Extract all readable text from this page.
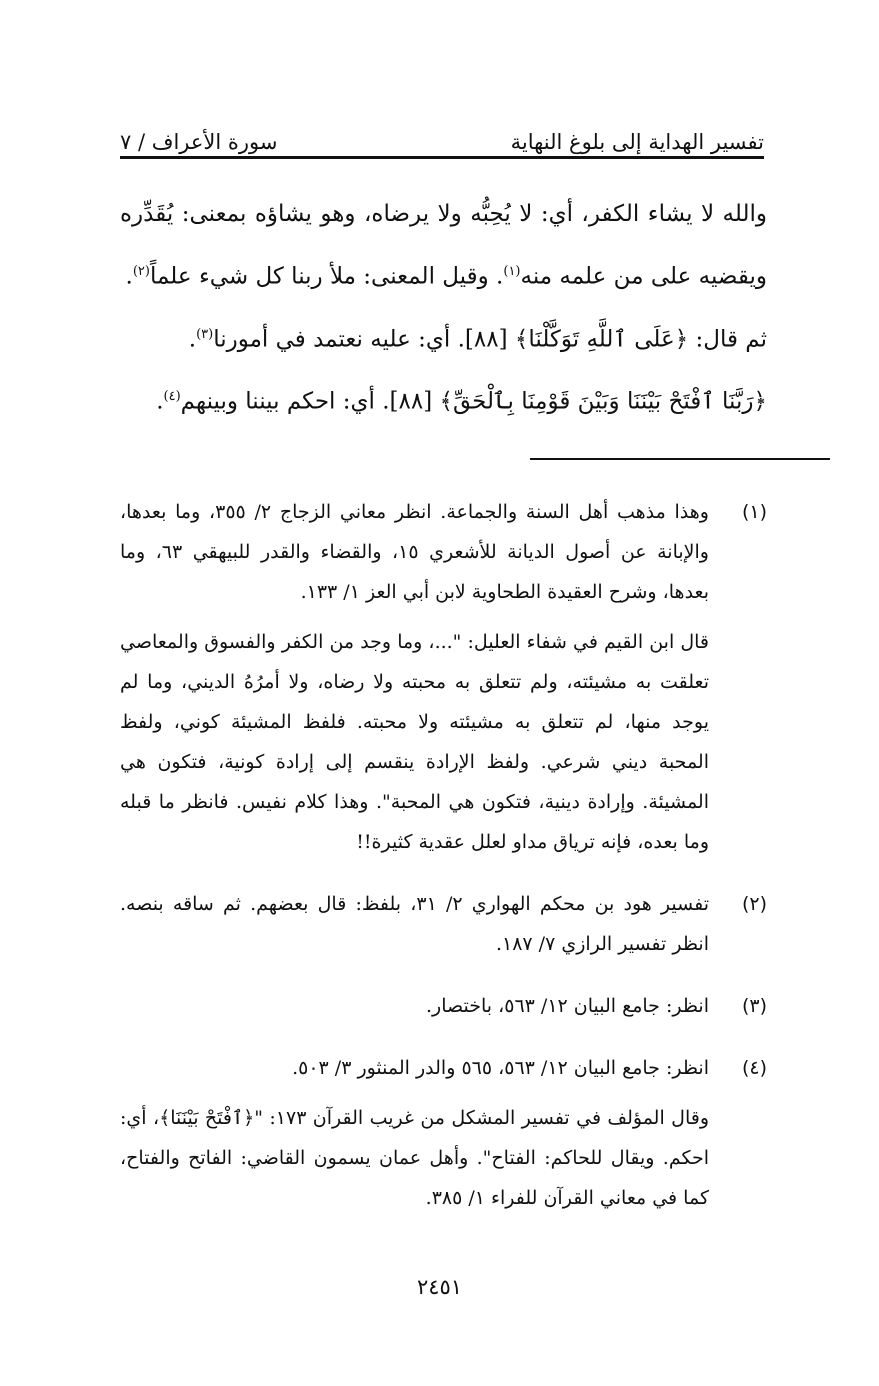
تفسير الهداية إلى بلوغ النهاية
سورة الأعراف / ٧

والله لا يشاء الكفر، أي: لا يُحِبُّه ولا يرضاه، وهو يشاؤه بمعنى: يُقَدِّره ويقضيه على من علمه منه$^{(١)}$. وقيل المعنى: ملأ ربنا كل شيء علماً$^{(٢)}$.

ثم قال: ﴿عَلَى ٱللَّهِ تَوَكَّلْنَا﴾ [٨٨]. أي: عليه نعتمد في أمورنا$^{(٣)}$.

﴿رَبَّنَا ٱفْتَحْ بَيْنَنَا وَبَيْنَ قَوْمِنَا بِٱلْحَقِّ﴾ [٨٨]. أي: احكم بيننا وبينهم$^{(٤)}$.

(١)

وهذا مذهب أهل السنة والجماعة. انظر معاني الزجاج ٢/ ٣٥٥، وما بعدها، والإبانة عن أصول الديانة للأشعري ١٥، والقضاء والقدر للبيهقي ٦٣، وما بعدها، وشرح العقيدة الطحاوية لابن أبي العز ١/ ١٣٣.

قال ابن القيم في شفاء العليل: "...، وما وجد من الكفر والفسوق والمعاصي تعلقت به مشيئته، ولم تتعلق به محبته ولا رضاه، ولا أمرُهُ الديني، وما لم يوجد منها، لم تتعلق به مشيئته ولا محبته. فلفظ المشيئة كوني، ولفظ المحبة ديني شرعي. ولفظ الإرادة ينقسم إلى إرادة كونية، فتكون هي المشيئة. وإرادة دينية، فتكون هي المحبة". وهذا كلام نفيس. فانظر ما قبله وما بعده، فإنه ترياق مداو لعلل عقدية كثيرة!!

(٢)

تفسير هود بن محكم الهواري ٢/ ٣١، بلفظ: قال بعضهم. ثم ساقه بنصه. انظر تفسير الرازي ٧/ ١٨٧.

(٣)

انظر: جامع البيان ١٢/ ٥٦٣، باختصار.

(٤)

انظر: جامع البيان ١٢/ ٥٦٣، ٥٦٥ والدر المنثور ٣/ ٥٠٣.

وقال المؤلف في تفسير المشكل من غريب القرآن ١٧٣: "﴿ٱفْتَحْ بَيْنَنَا﴾، أي: احكم. ويقال للحاكم: الفتاح". وأهل عمان يسمون القاضي: الفاتح والفتاح، كما في معاني القرآن للفراء ١/ ٣٨٥.

٢٤٥١
